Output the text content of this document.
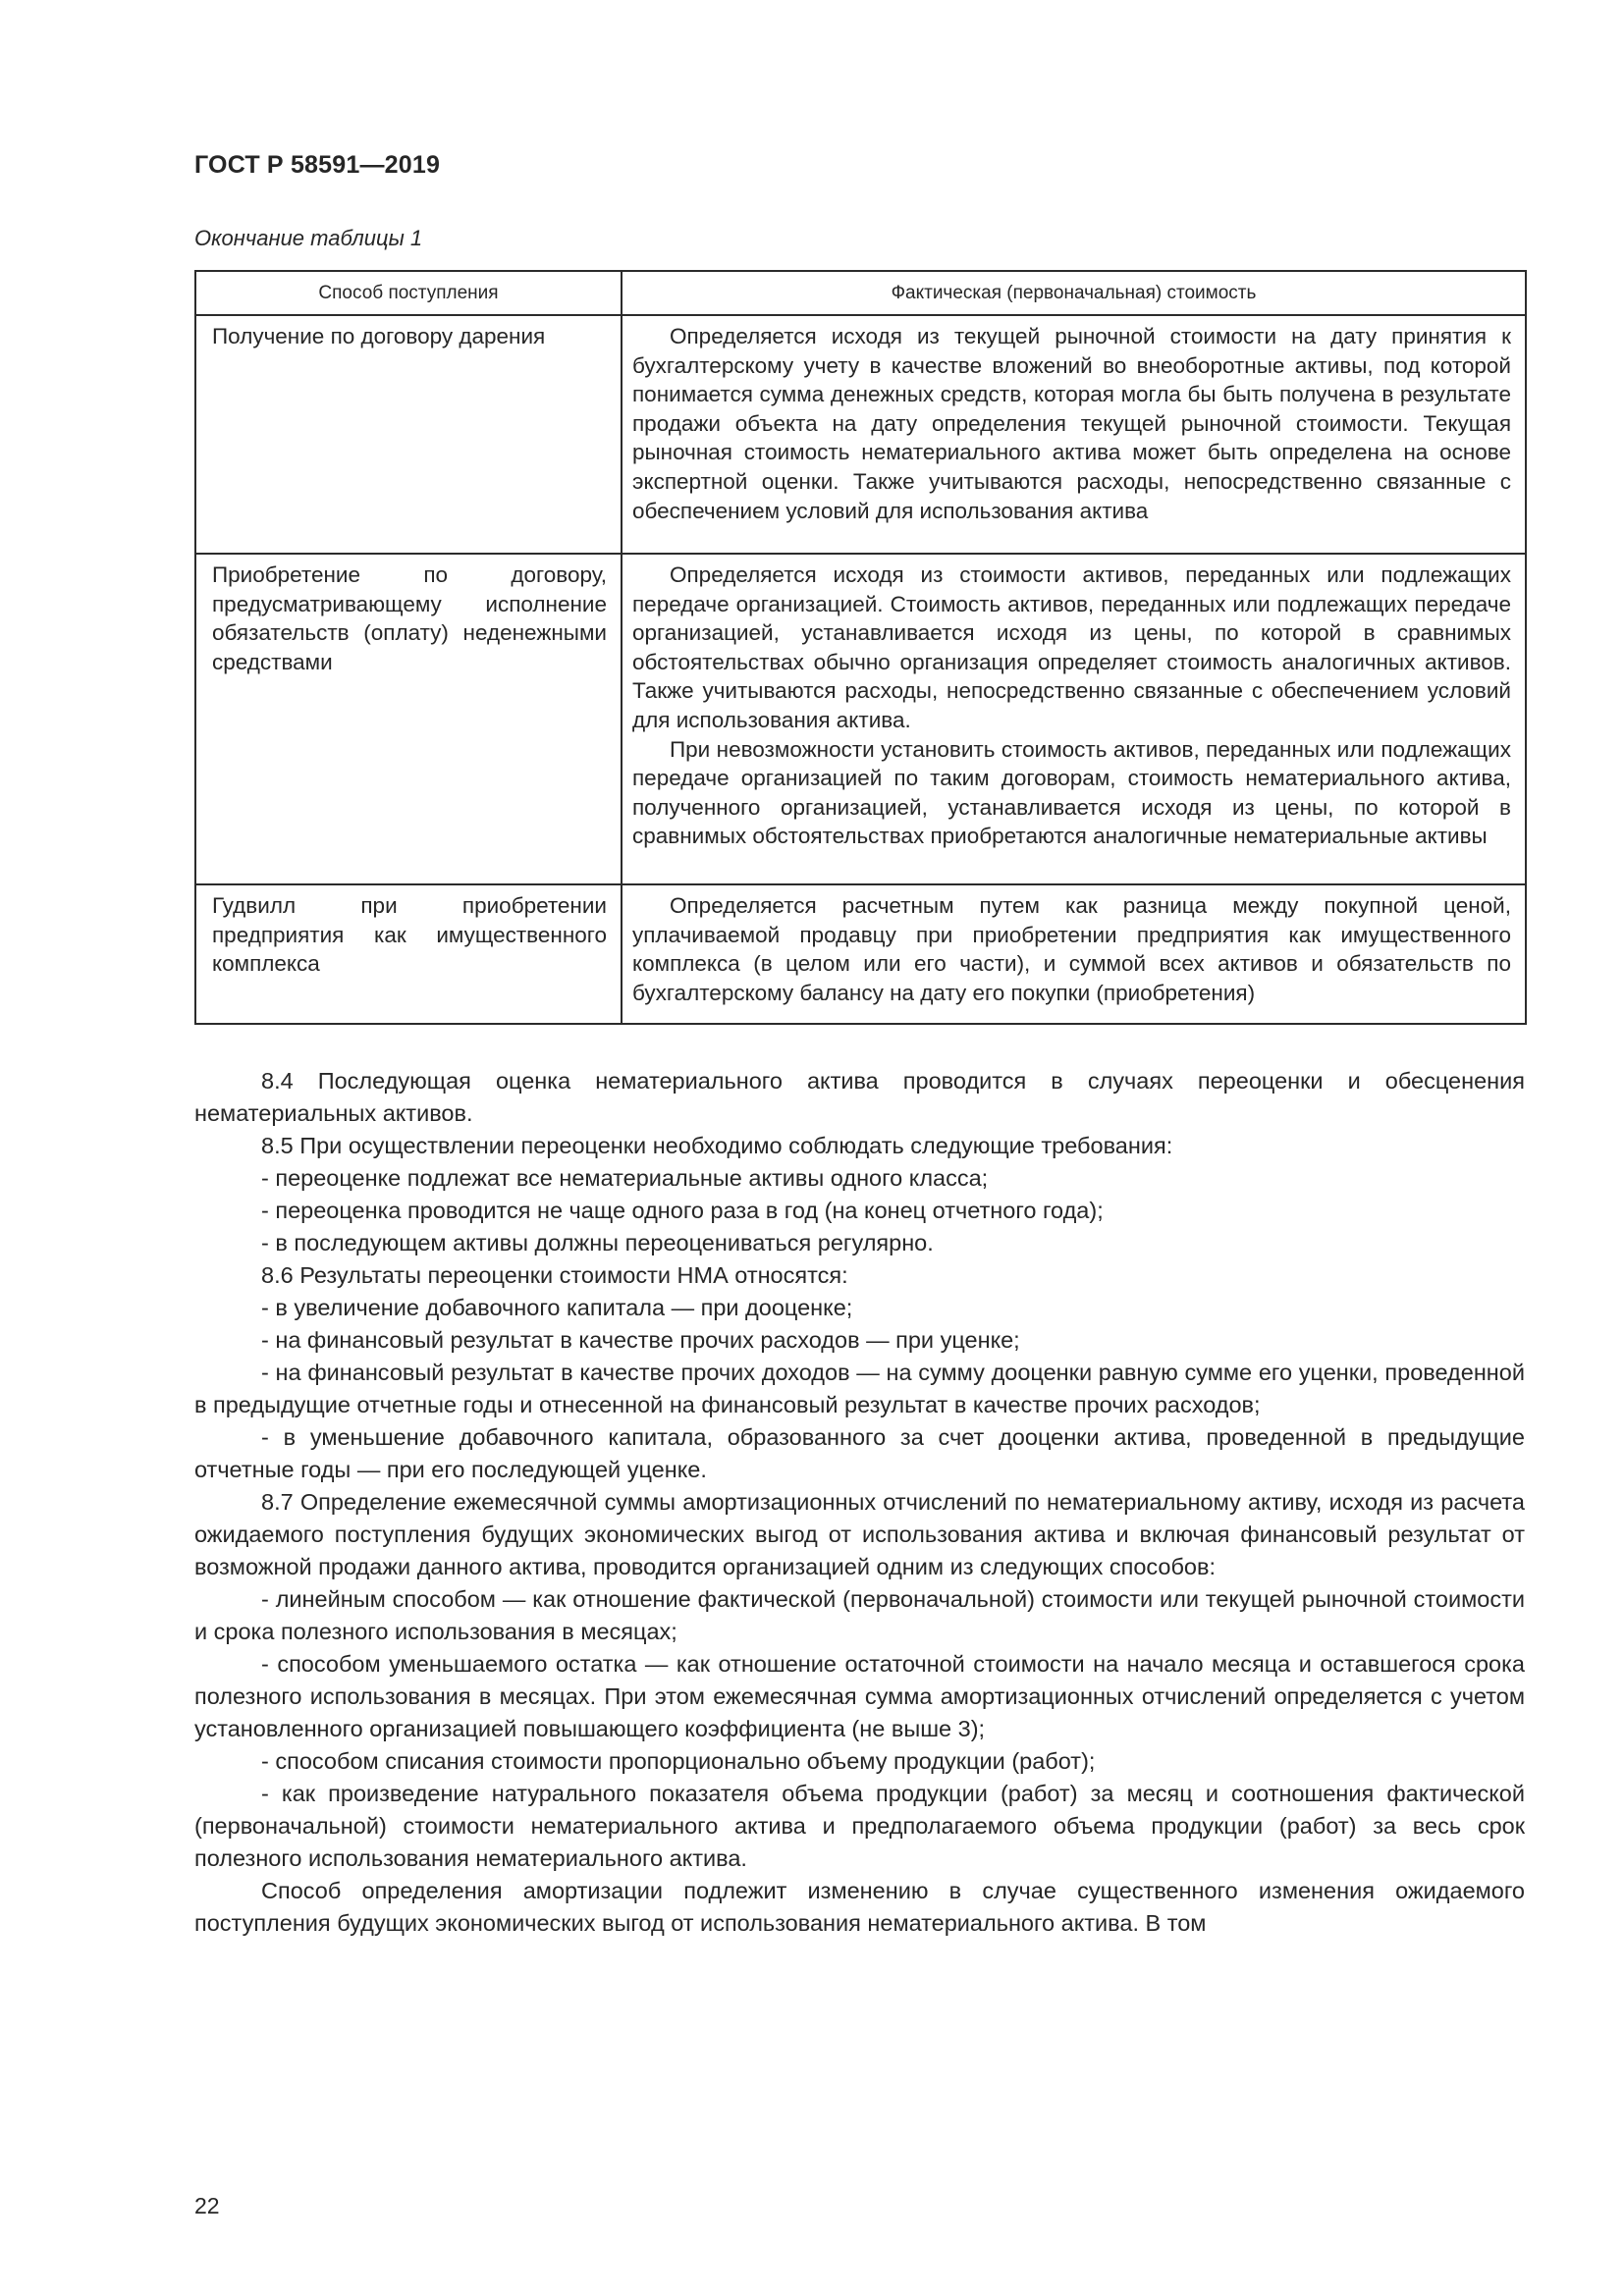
ГОСТ Р 58591—2019
Окончание таблицы 1
Способ поступления	Фактическая (первоначальная) стоимость
Получение по договору дарения	Определяется исходя из текущей рыночной стоимости на дату принятия к бухгалтерскому учету в качестве вложений во внеоборотные активы, под которой понимается сумма денежных средств, которая могла бы быть получена в результате продажи объекта на дату определения текущей рыночной стоимости. Текущая рыночная стоимость нематериального актива может быть определена на основе экспертной оценки. Также учитываются расходы, непосредственно связанные с обеспечением условий для использования актива

Приобретение по договору, предусматривающему исполнение обязательств (оплату) неденежными средствами	Определяется исходя из стоимости активов, переданных или подлежащих передаче организацией. Стоимость активов, переданных или подлежащих передаче организацией, устанавливается исходя из цены, по которой в сравнимых обстоятельствах обычно организация определяет стоимость аналогичных активов. Также учитываются расходы, непосредственно связанные с обеспечением условий для использования актива.

При невозможности установить стоимость активов, переданных или подлежащих передаче организацией по таким договорам, стоимость нематериального актива, полученного организацией, устанавливается исходя из цены, по которой в сравнимых обстоятельствах приобретаются аналогичные нематериальные активы

Гудвилл при приобретении предприятия как имущественного комплекса	Определяется расчетным путем как разница между покупной ценой, уплачиваемой продавцу при приобретении предприятия как имущественного комплекса (в целом или его части), и суммой всех активов и обязательств по бухгалтерскому балансу на дату его покупки (приобретения)

8.4 Последующая оценка нематериального актива проводится в случаях переоценки и обесценения нематериальных активов.

8.5 При осуществлении переоценки необходимо соблюдать следующие требования:

- переоценке подлежат все нематериальные активы одного класса;

- переоценка проводится не чаще одного раза в год (на конец отчетного года);

- в последующем активы должны переоцениваться регулярно.

8.6 Результаты переоценки стоимости НМА относятся:

- в увеличение добавочного капитала — при дооценке;

- на финансовый результат в качестве прочих расходов — при уценке;

- на финансовый результат в качестве прочих доходов — на сумму дооценки равную сумме его уценки, проведенной в предыдущие отчетные годы и отнесенной на финансовый результат в качестве прочих расходов;

- в уменьшение добавочного капитала, образованного за счет дооценки актива, проведенной в предыдущие отчетные годы — при его последующей уценке.

8.7 Определение ежемесячной суммы амортизационных отчислений по нематериальному активу, исходя из расчета ожидаемого поступления будущих экономических выгод от использования актива и включая финансовый результат от возможной продажи данного актива, проводится организацией одним из следующих способов:

- линейным способом — как отношение фактической (первоначальной) стоимости или текущей рыночной стоимости и срока полезного использования в месяцах;

- способом уменьшаемого остатка — как отношение остаточной стоимости на начало месяца и оставшегося срока полезного использования в месяцах. При этом ежемесячная сумма амортизационных отчислений определяется с учетом установленного организацией повышающего коэффициента (не выше 3);

- способом списания стоимости пропорционально объему продукции (работ);

- как произведение натурального показателя объема продукции (работ) за месяц и соотношения фактической (первоначальной) стоимости нематериального актива и предполагаемого объема продукции (работ) за весь срок полезного использования нематериального актива.

Способ определения амортизации подлежит изменению в случае существенного изменения ожидаемого поступления будущих экономических выгод от использования нематериального актива. В том

22
